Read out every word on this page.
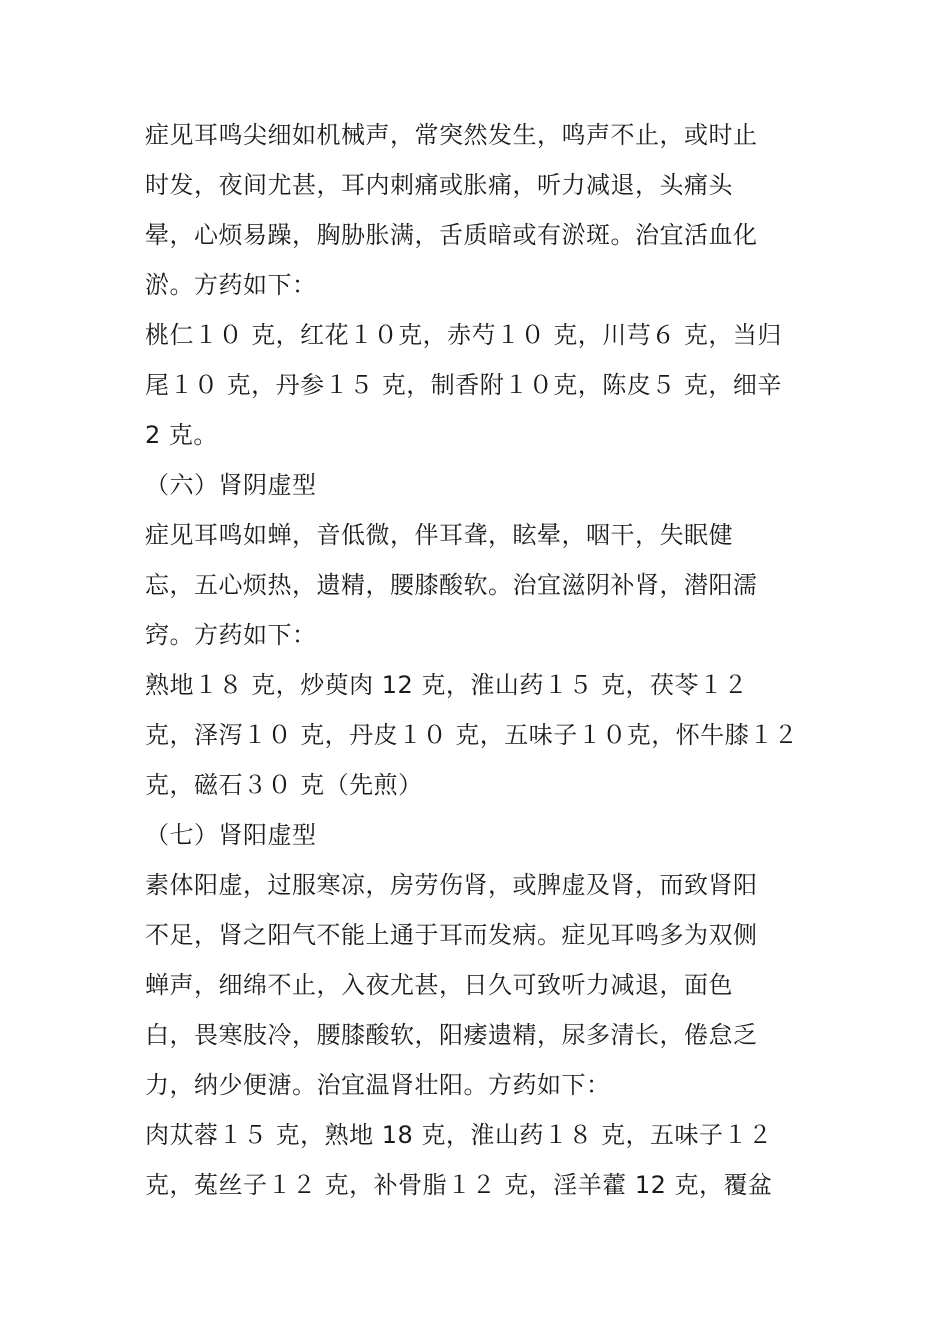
症见耳鸣尖细如机械声，常突然发生，鸣声不止，或时止
时发，夜间尤甚，耳内刺痛或胀痛，听力减退，头痛头
晕，心烦易躁，胸胁胀满，舌质暗或有淤斑。治宜活血化
淤。方药如下：
桃仁１０ 克，红花１０克，赤芍１０ 克，川芎６ 克，当归
尾１０ 克，丹参１５ 克，制香附１０克，陈皮５ 克，细辛
2 克。
（六）肾阴虚型
症见耳鸣如蝉，音低微，伴耳聋，眩晕，咽干，失眠健
忘，五心烦热，遗精，腰膝酸软。治宜滋阴补肾，潜阳濡
窍。方药如下：
熟地１８ 克，炒萸肉 12 克，淮山药１５ 克，茯苓１２
克，泽泻１０ 克，丹皮１０ 克，五味子１０克，怀牛膝１２
克，磁石３０ 克（先煎）
（七）肾阳虚型
素体阳虚，过服寒凉，房劳伤肾，或脾虚及肾，而致肾阳
不足，肾之阳气不能上通于耳而发病。症见耳鸣多为双侧
蝉声，细绵不止，入夜尤甚，日久可致听力减退，面色
白，畏寒肢冷，腰膝酸软，阳痿遗精，尿多清长，倦怠乏
力，纳少便溏。治宜温肾壮阳。方药如下：
肉苁蓉１５ 克，熟地 18 克，淮山药１８ 克，五味子１２
克，菟丝子１２ 克，补骨脂１２ 克，淫羊藿 12 克，覆盆
